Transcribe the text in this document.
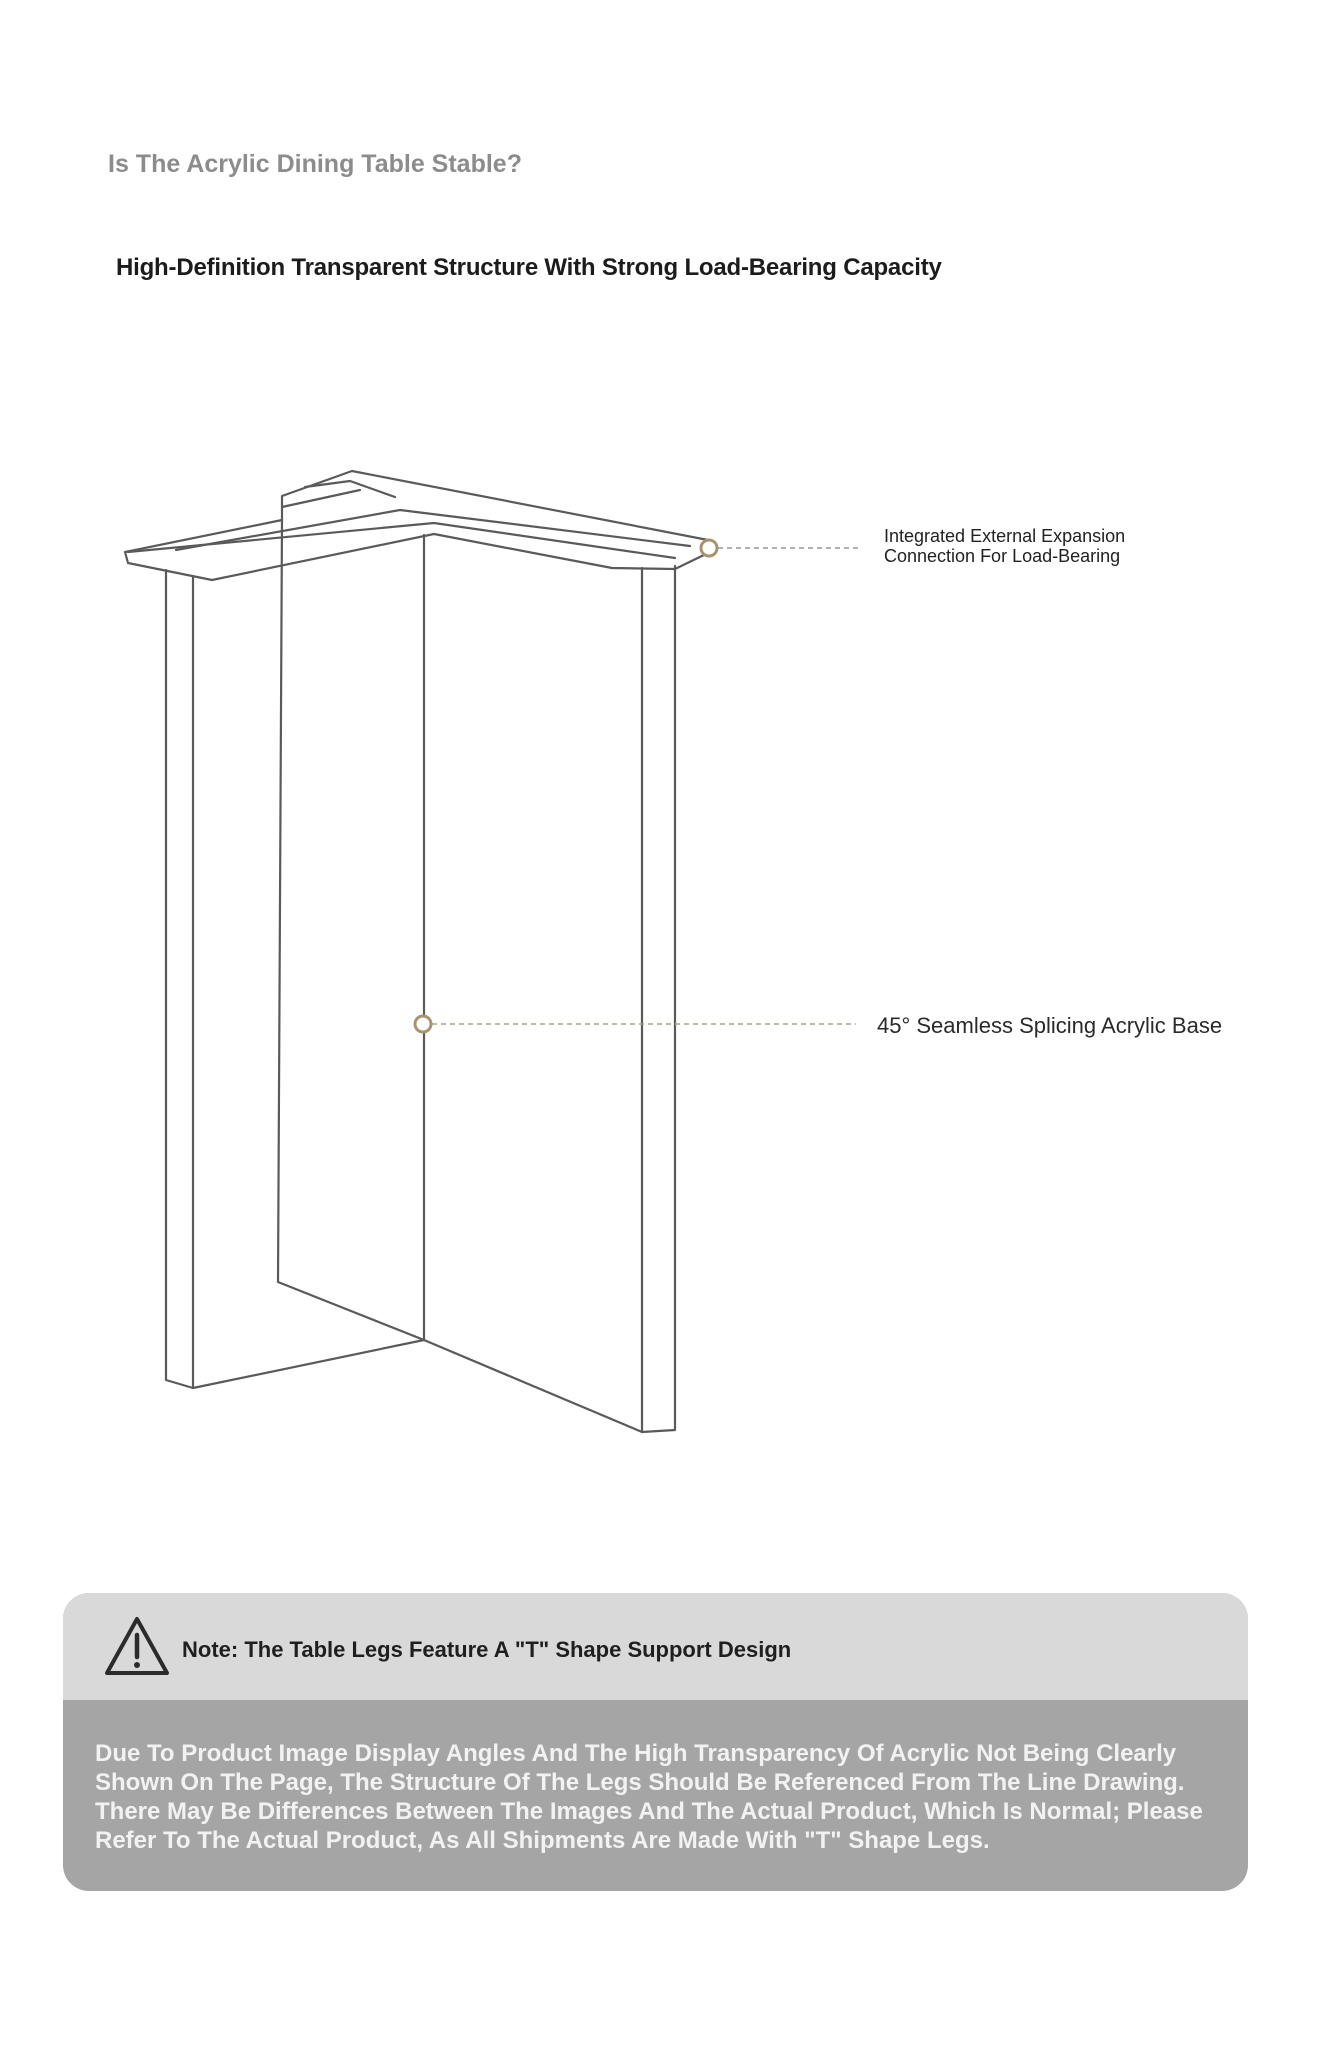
Is The Acrylic Dining Table Stable?
High-Definition Transparent Structure With Strong Load-Bearing Capacity
Integrated External Expansion Connection For Load-Bearing
45° Seamless Splicing Acrylic Base
Note: The Table Legs Feature A "T" Shape Support Design
Due To Product Image Display Angles And The High Transparency Of Acrylic Not Being Clearly Shown On The Page, The Structure Of The Legs Should Be Referenced From The Line Drawing. There May Be Differences Between The Images And The Actual Product, Which Is Normal; Please Refer To The Actual Product, As All Shipments Are Made With "T" Shape Legs.
